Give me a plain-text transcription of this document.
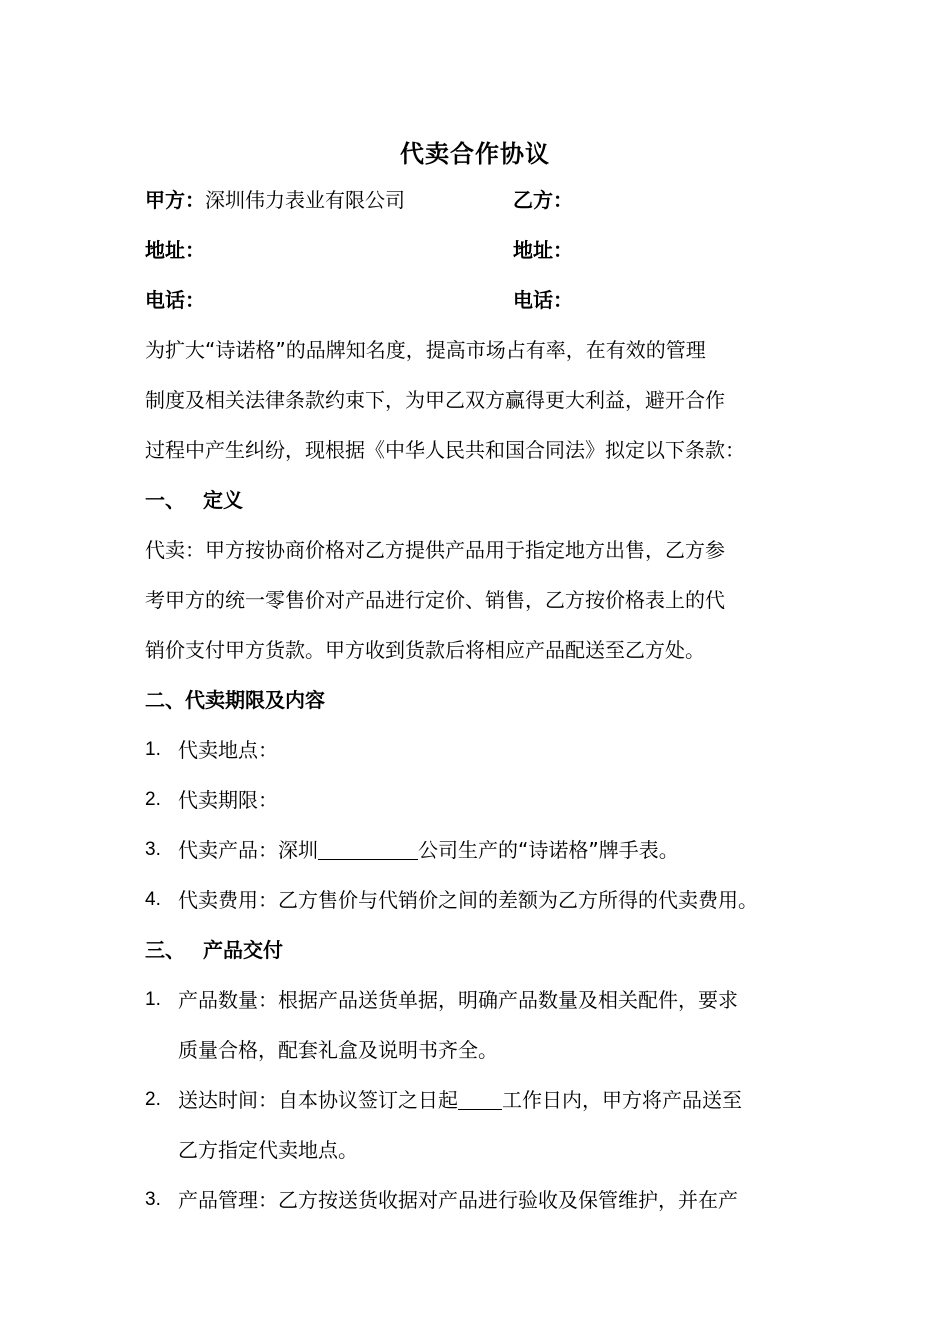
代卖合作协议
甲方：深圳伟力表业有限公司	乙方：
地址：	地址：
电话：	电话：
为扩大“诗诺格”的品牌知名度，提高市场占有率，在有效的管理
制度及相关法律条款约束下，为甲乙双方赢得更大利益，避开合作
过程中产生纠纷，现根据《中华人民共和国合同法》拟定以下条款：
一、 定义
代卖：甲方按协商价格对乙方提供产品用于指定地方出售，乙方参
考甲方的统一零售价对产品进行定价、销售，乙方按价格表上的代
销价支付甲方货款。甲方收到货款后将相应产品配送至乙方处。
二、代卖期限及内容
1. 代卖地点：
2. 代卖期限：
3. 代卖产品：深圳	公司生产的“诗诺格”牌手表。
4. 代卖费用：乙方售价与代销价之间的差额为乙方所得的代卖费用。
三、 产品交付
1. 产品数量：根据产品送货单据，明确产品数量及相关配件，要求
质量合格，配套礼盒及说明书齐全。
2. 送达时间：自本协议签订之日起 工作日内，甲方将产品送至
乙方指定代卖地点。
3. 产品管理：乙方按送货收据对产品进行验收及保管维护，并在产
